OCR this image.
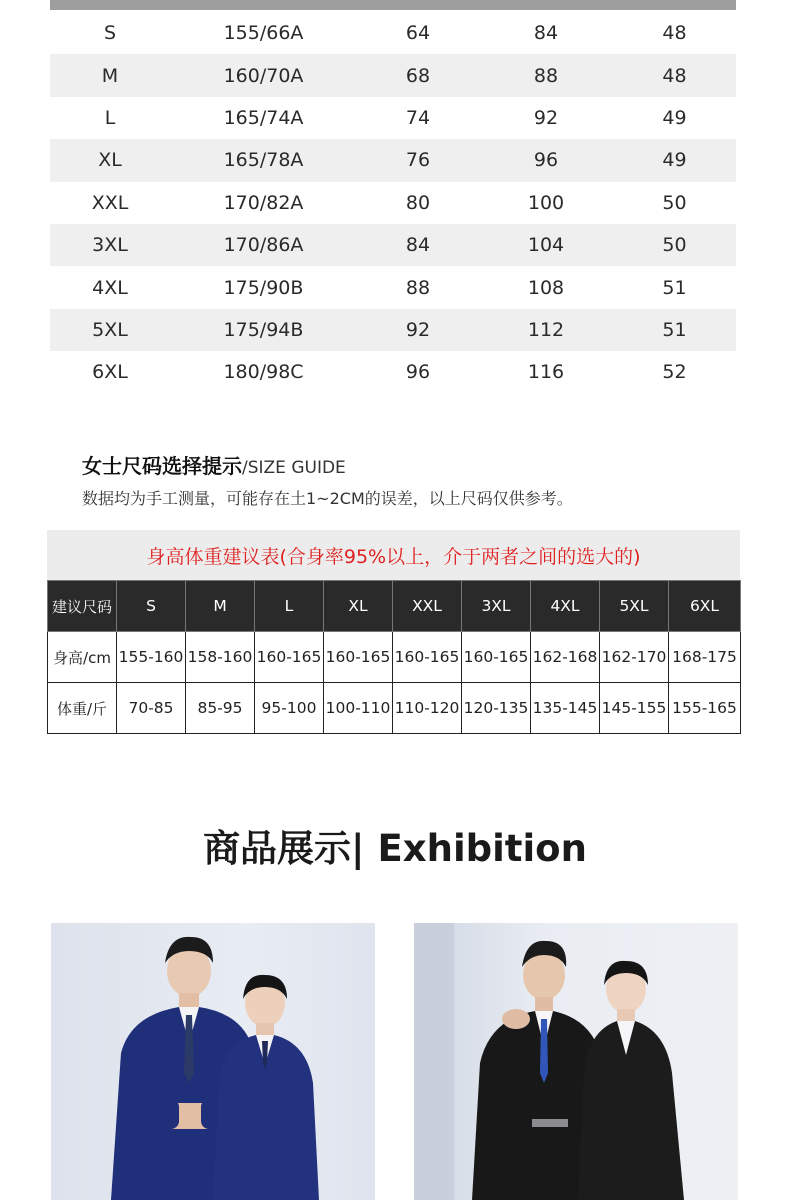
S	155/66A	64	84	48
M	160/70A	68	88	48
L	165/74A	74	92	49
XL	165/78A	76	96	49
XXL	170/82A	80	100	50
3XL	170/86A	84	104	50
4XL	175/90B	88	108	51
5XL	175/94B	92	112	51
6XL	180/98C	96	116	52
女士尺码选择提示/SIZE GUIDE
数据均为手工测量，可能存在土1~2CM的误差，以上尺码仅供参考。
身高体重建议表(合身率95%以上，介于两者之间的选大的)
建议尺码	S	M	L	XL	XXL	3XL	4XL	5XL	6XL
身高/cm	155-160	158-160	160-165	160-165	160-165	160-165	162-168	162-170	168-175
体重/斤	70-85	85-95	95-100	100-110	110-120	120-135	135-145	145-155	155-165
商品展示| Exhibition
